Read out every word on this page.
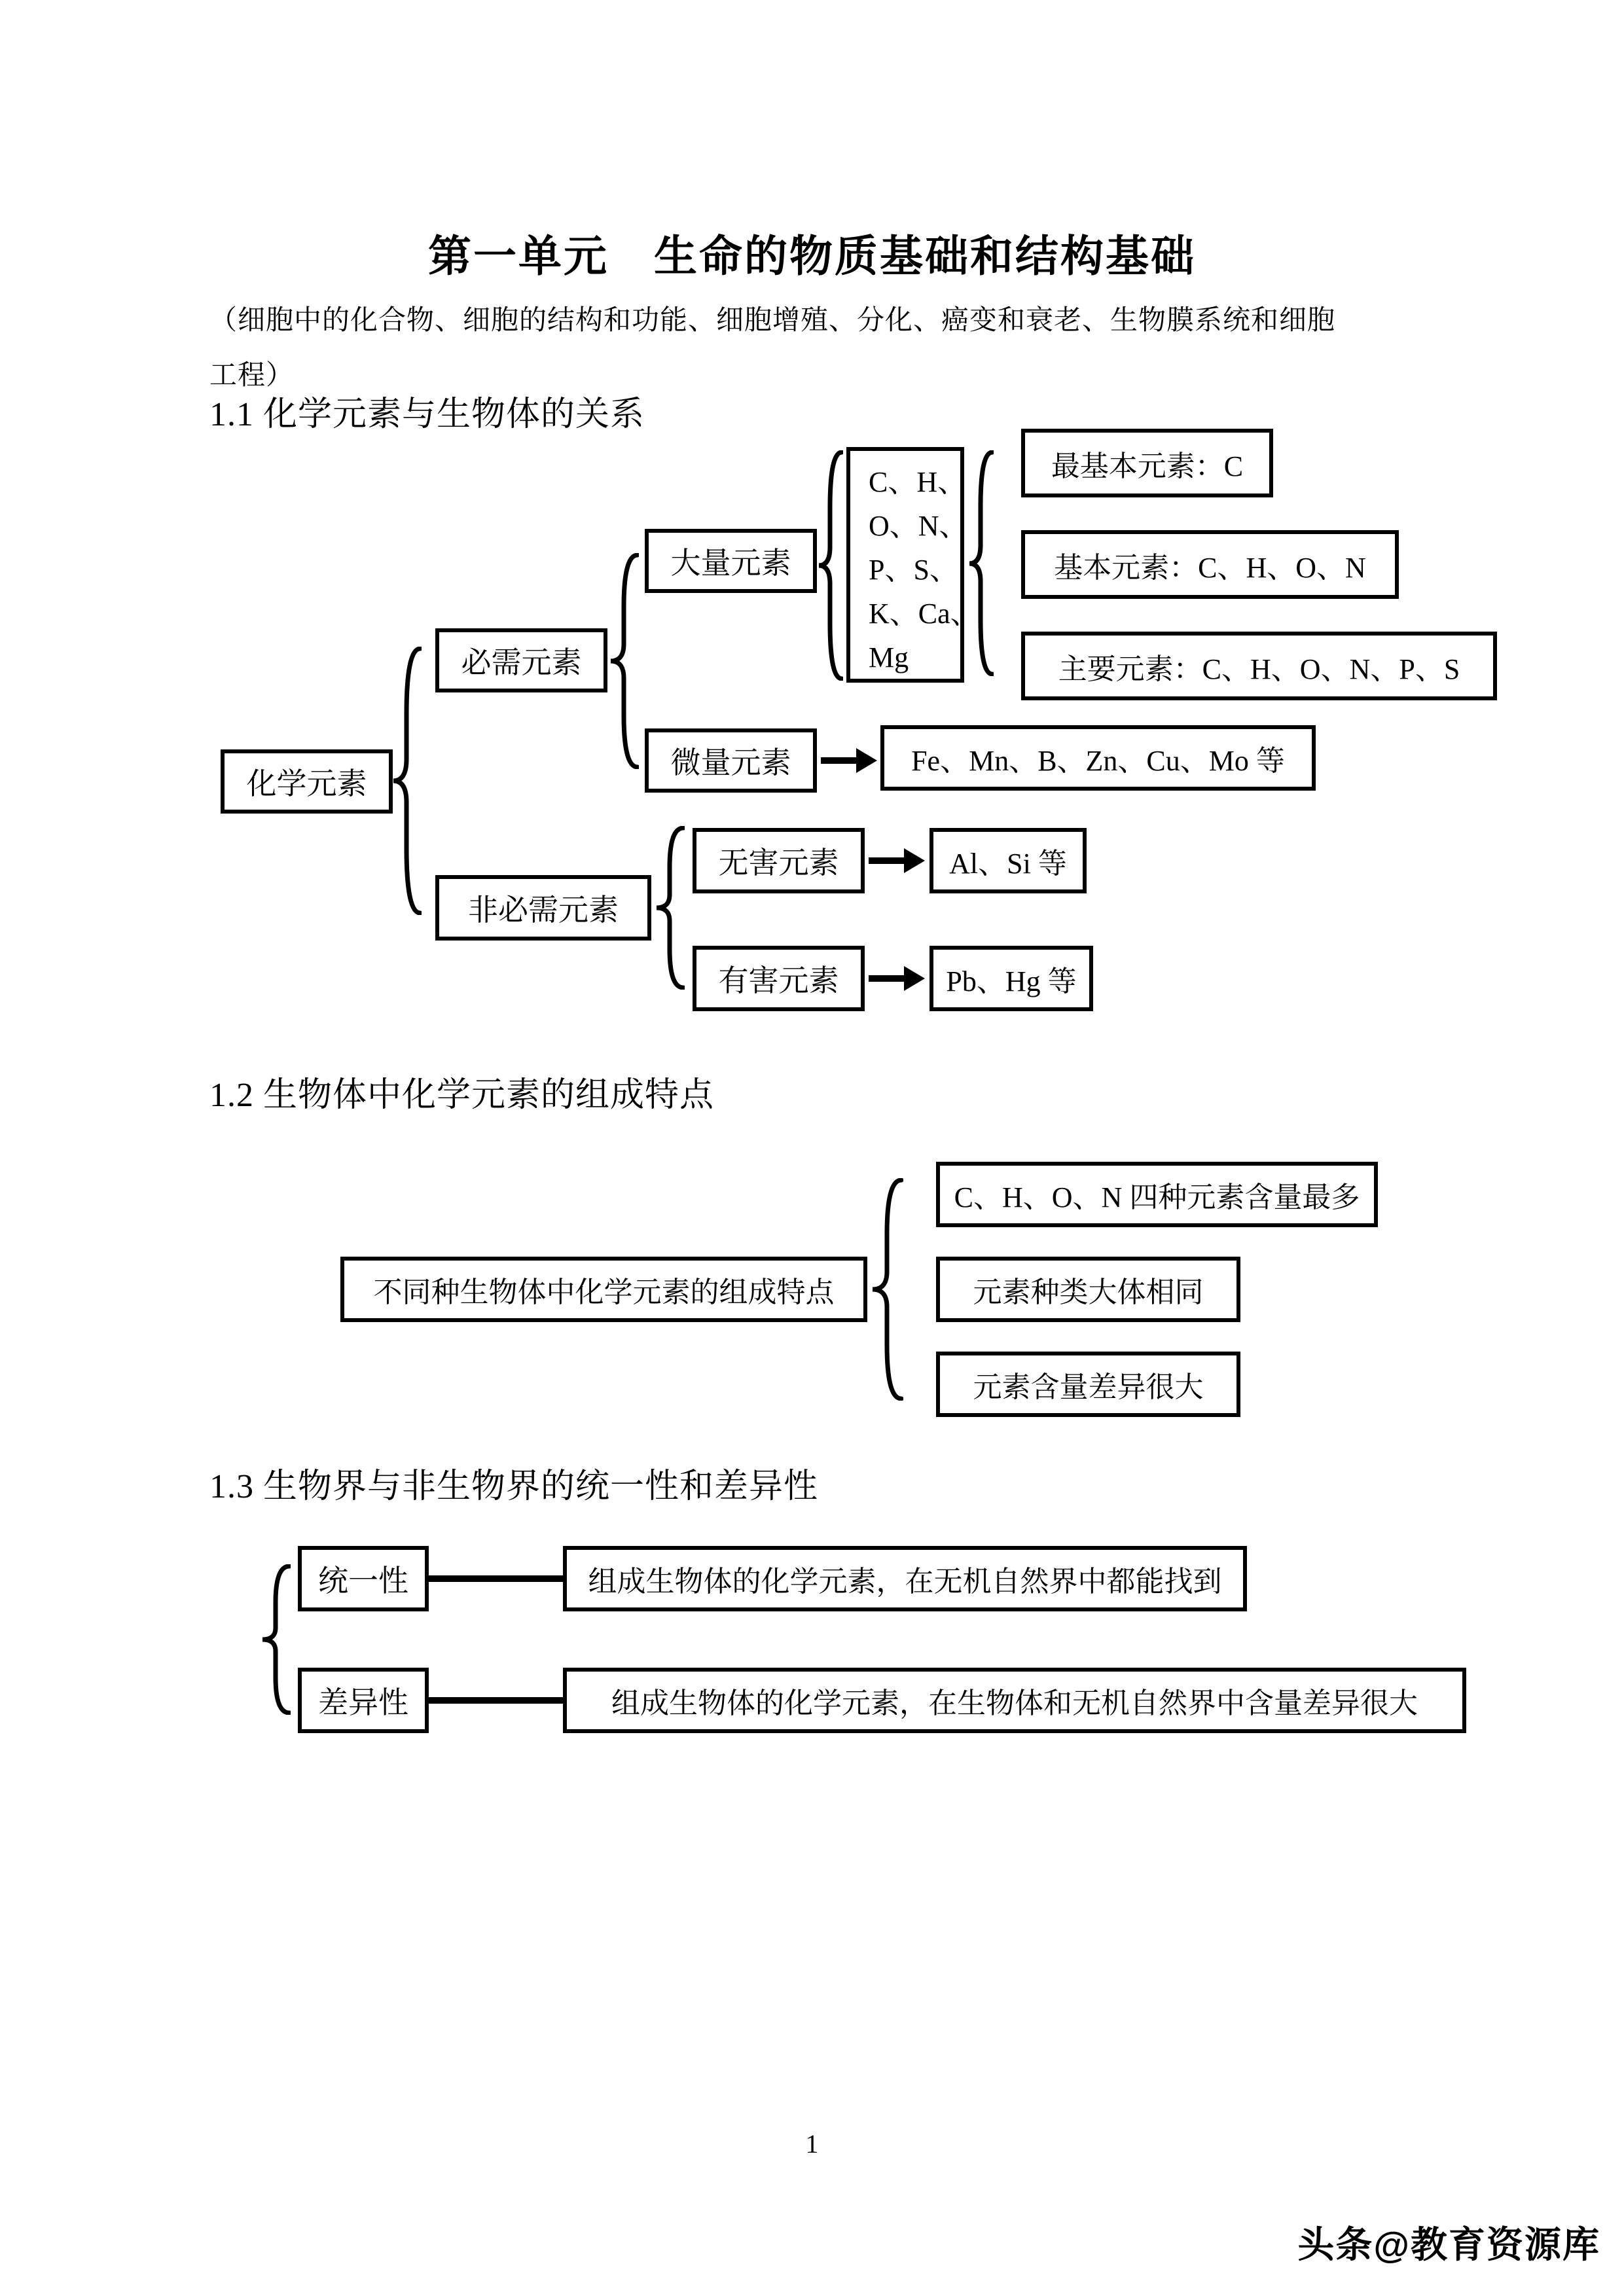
第一单元　生命的物质基础和结构基础
（细胞中的化合物、细胞的结构和功能、细胞增殖、分化、癌变和衰老、生物膜系统和细胞
工程）
1.1 化学元素与生物体的关系
化学元素
必需元素
大量元素
C、H、
O、N、
P、S、
K、Ca、
Mg
最基本元素：C
基本元素：C、H、O、N
主要元素：C、H、O、N、P、S
微量元素	Fe、Mn、B、Zn、Cu、Mo 等
非必需元素
无害元素	Al、Si 等
有害元素	Pb、Hg 等
1.2 生物体中化学元素的组成特点
不同种生物体中化学元素的组成特点
C、H、O、N 四种元素含量最多
元素种类大体相同
元素含量差异很大
1.3 生物界与非生物界的统一性和差异性
统一性	组成生物体的化学元素，在无机自然界中都能找到
差异性	组成生物体的化学元素，在生物体和无机自然界中含量差异很大
1
头条@教育资源库
